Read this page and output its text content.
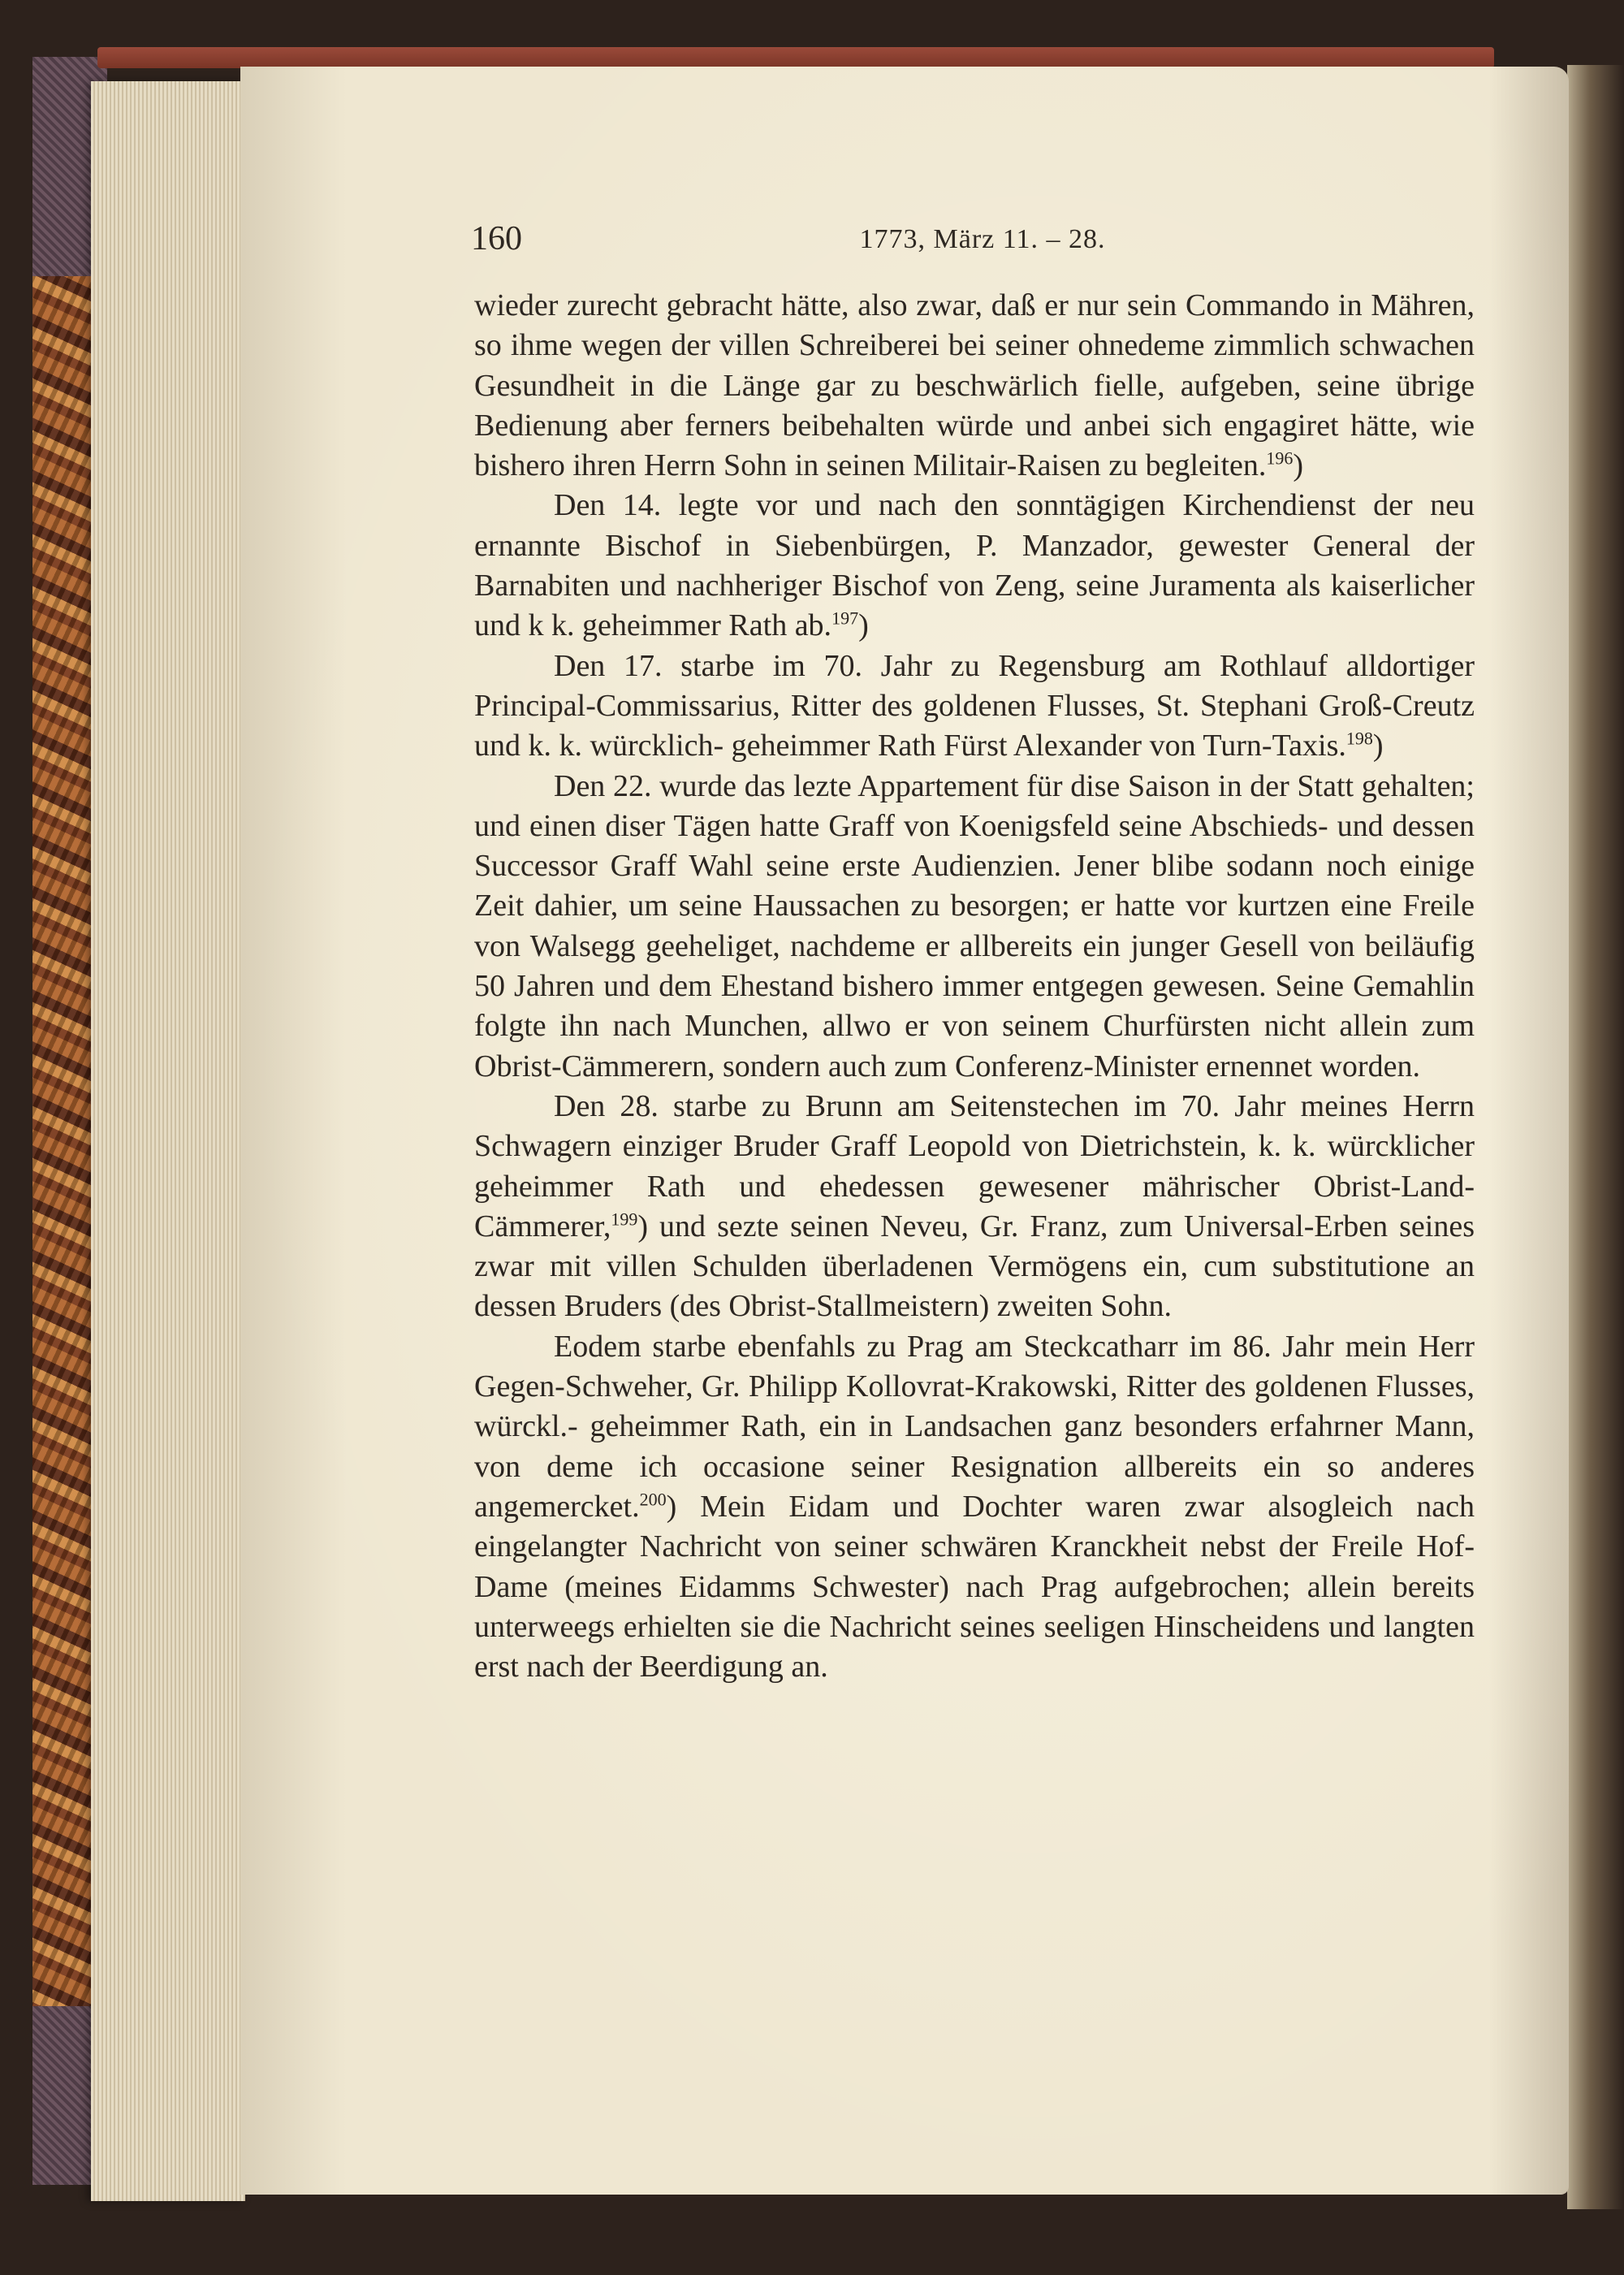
160	1773, März 11. – 28.

wieder zurecht gebracht hätte, also zwar, daß er nur sein Commando in Mähren, so ihme wegen der villen Schreiberei bei seiner ohnedeme zimmlich schwachen Gesundheit in die Länge gar zu beschwärlich fielle, aufgeben, seine übrige Bedienung aber ferners beibehalten würde und anbei sich engagiret hätte, wie bishero ihren Herrn Sohn in seinen Militair-Raisen zu begleiten.$^{196}$)

Den 14. legte vor und nach den sonntägigen Kirchendienst der neu ernannte Bischof in Siebenbürgen, P. Manzador, gewester General der Barnabiten und nachheriger Bischof von Zeng, seine Juramenta als kaiserlicher und k k. geheimmer Rath ab.$^{197}$)

Den 17. starbe im 70. Jahr zu Regensburg am Rothlauf alldortiger Principal-Commissarius, Ritter des goldenen Flusses, St. Stephani Groß-Creutz und k. k. würcklich- geheimmer Rath Fürst Alexander von Turn-Taxis.$^{198}$)

Den 22. wurde das lezte Appartement für dise Saison in der Statt gehalten; und einen diser Tägen hatte Graff von Koenigsfeld seine Abschieds- und dessen Successor Graff Wahl seine erste Audienzien. Jener blibe sodann noch einige Zeit dahier, um seine Haussachen zu besorgen; er hatte vor kurtzen eine Freile von Walsegg geeheliget, nachdeme er allbereits ein junger Gesell von beiläufig 50 Jahren und dem Ehestand bishero immer entgegen gewesen. Seine Gemahlin folgte ihn nach Munchen, allwo er von seinem Churfürsten nicht allein zum Obrist-Cämmerern, sondern auch zum Conferenz-Minister ernennet worden.

Den 28. starbe zu Brunn am Seitenstechen im 70. Jahr meines Herrn Schwagern einziger Bruder Graff Leopold von Dietrichstein, k. k. würcklicher geheimmer Rath und ehedessen gewesener mährischer Obrist-Land-Cämmerer,$^{199}$) und sezte seinen Neveu, Gr. Franz, zum Universal-Erben seines zwar mit villen Schulden überladenen Vermögens ein, cum substitutione an dessen Bruders (des Obrist-Stallmeistern) zweiten Sohn.

Eodem starbe ebenfahls zu Prag am Steckcatharr im 86. Jahr mein Herr Gegen-Schweher, Gr. Philipp Kollovrat-Krakowski, Ritter des goldenen Flusses, würckl.- geheimmer Rath, ein in Landsachen ganz besonders erfahrner Mann, von deme ich occasione seiner Resignation allbereits ein so anderes angemercket.$^{200}$) Mein Eidam und Dochter waren zwar alsogleich nach eingelangter Nachricht von seiner schwären Kranckheit nebst der Freile Hof-Dame (meines Eidamms Schwester) nach Prag aufgebrochen; allein bereits unterweegs erhielten sie die Nachricht seines seeligen Hinscheidens und langten erst nach der Beerdigung an.
